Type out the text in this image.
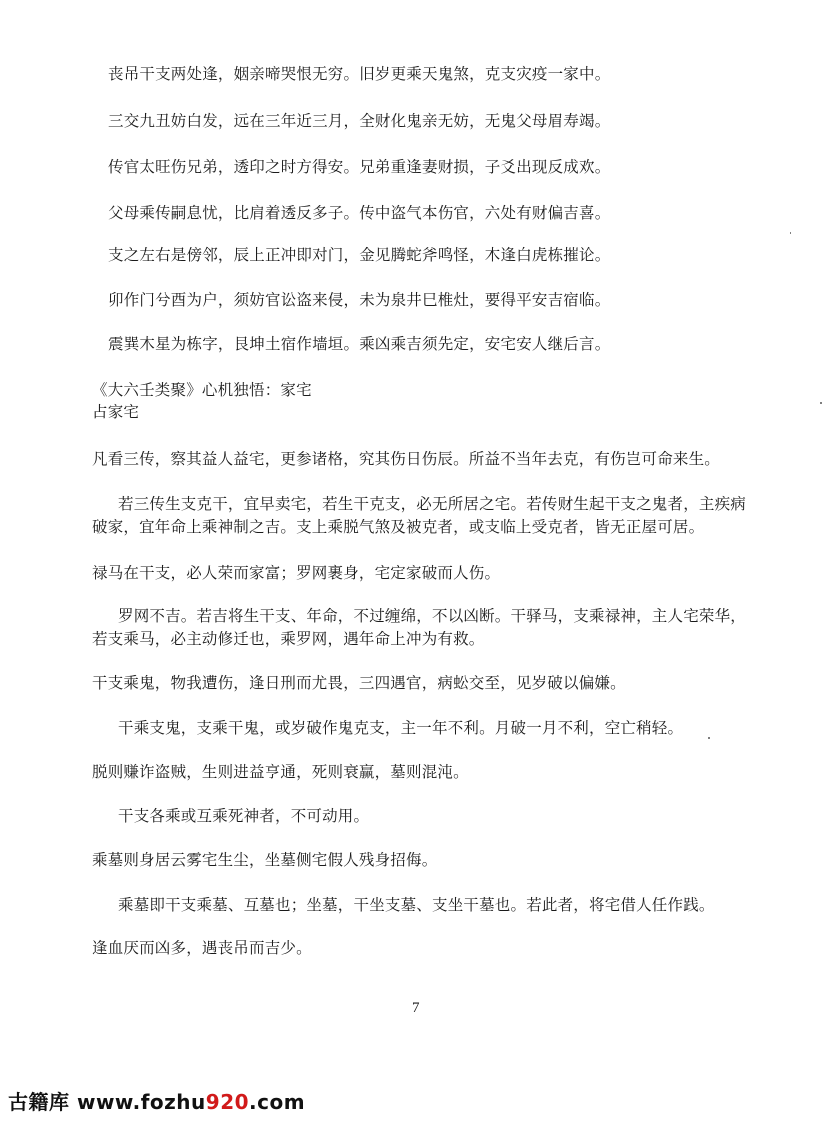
丧吊干支两处逢，姻亲啼哭恨无穷。旧岁更乘天鬼煞，克支灾疫一家中。
三交九丑妨白发，远在三年近三月，全财化鬼亲无妨，无鬼父母眉寿竭。
传官太旺伤兄弟，透印之时方得安。兄弟重逢妻财损，子爻出现反成欢。
父母乘传嗣息忧，比肩着透反多子。传中盗气本伤官，六处有财偏吉喜。
支之左右是傍邻，辰上正冲即对门，金见腾蛇斧鸣怪，木逢白虎栋摧论。
卯作门兮酉为户，须妨官讼盗来侵，未为泉井巳椎灶，要得平安吉宿临。
震巽木星为栋字，艮坤土宿作墙垣。乘凶乘吉须先定，安宅安人继后言。
《大六壬类聚》心机独悟：家宅
占家宅
凡看三传，察其益人益宅，更参诸格，究其伤日伤辰。所益不当年去克，有伤岂可命来生。
若三传生支克干，宜早卖宅，若生干克支，必无所居之宅。若传财生起干支之鬼者，主疾病
破家，宜年命上乘神制之吉。支上乘脱气煞及被克者，或支临上受克者，皆无正屋可居。
禄马在干支，必人荣而家富；罗网裹身，宅定家破而人伤。
罗网不吉。若吉将生干支、年命，不过缠绵，不以凶断。干驿马，支乘禄神，主人宅荣华，
若支乘马，必主动修迁也，乘罗网，遇年命上冲为有救。
干支乘鬼，物我遭伤，逢日刑而尤畏，三四遇官，病蚣交至，见岁破以偏嫌。
干乘支鬼，支乘干鬼，或岁破作鬼克支，主一年不利。月破一月不利，空亡稍轻。
脱则赚诈盗贼，生则进益亨通，死则衰赢，墓则混沌。
干支各乘或互乘死神者，不可动用。
乘墓则身居云雾宅生尘，坐墓侧宅假人残身招侮。
乘墓即干支乘墓、互墓也；坐墓，干坐支墓、支坐干墓也。若此者，将宅借人任作践。
逢血厌而凶多，遇丧吊而吉少。
7
古籍库 www.fozhu920.com
